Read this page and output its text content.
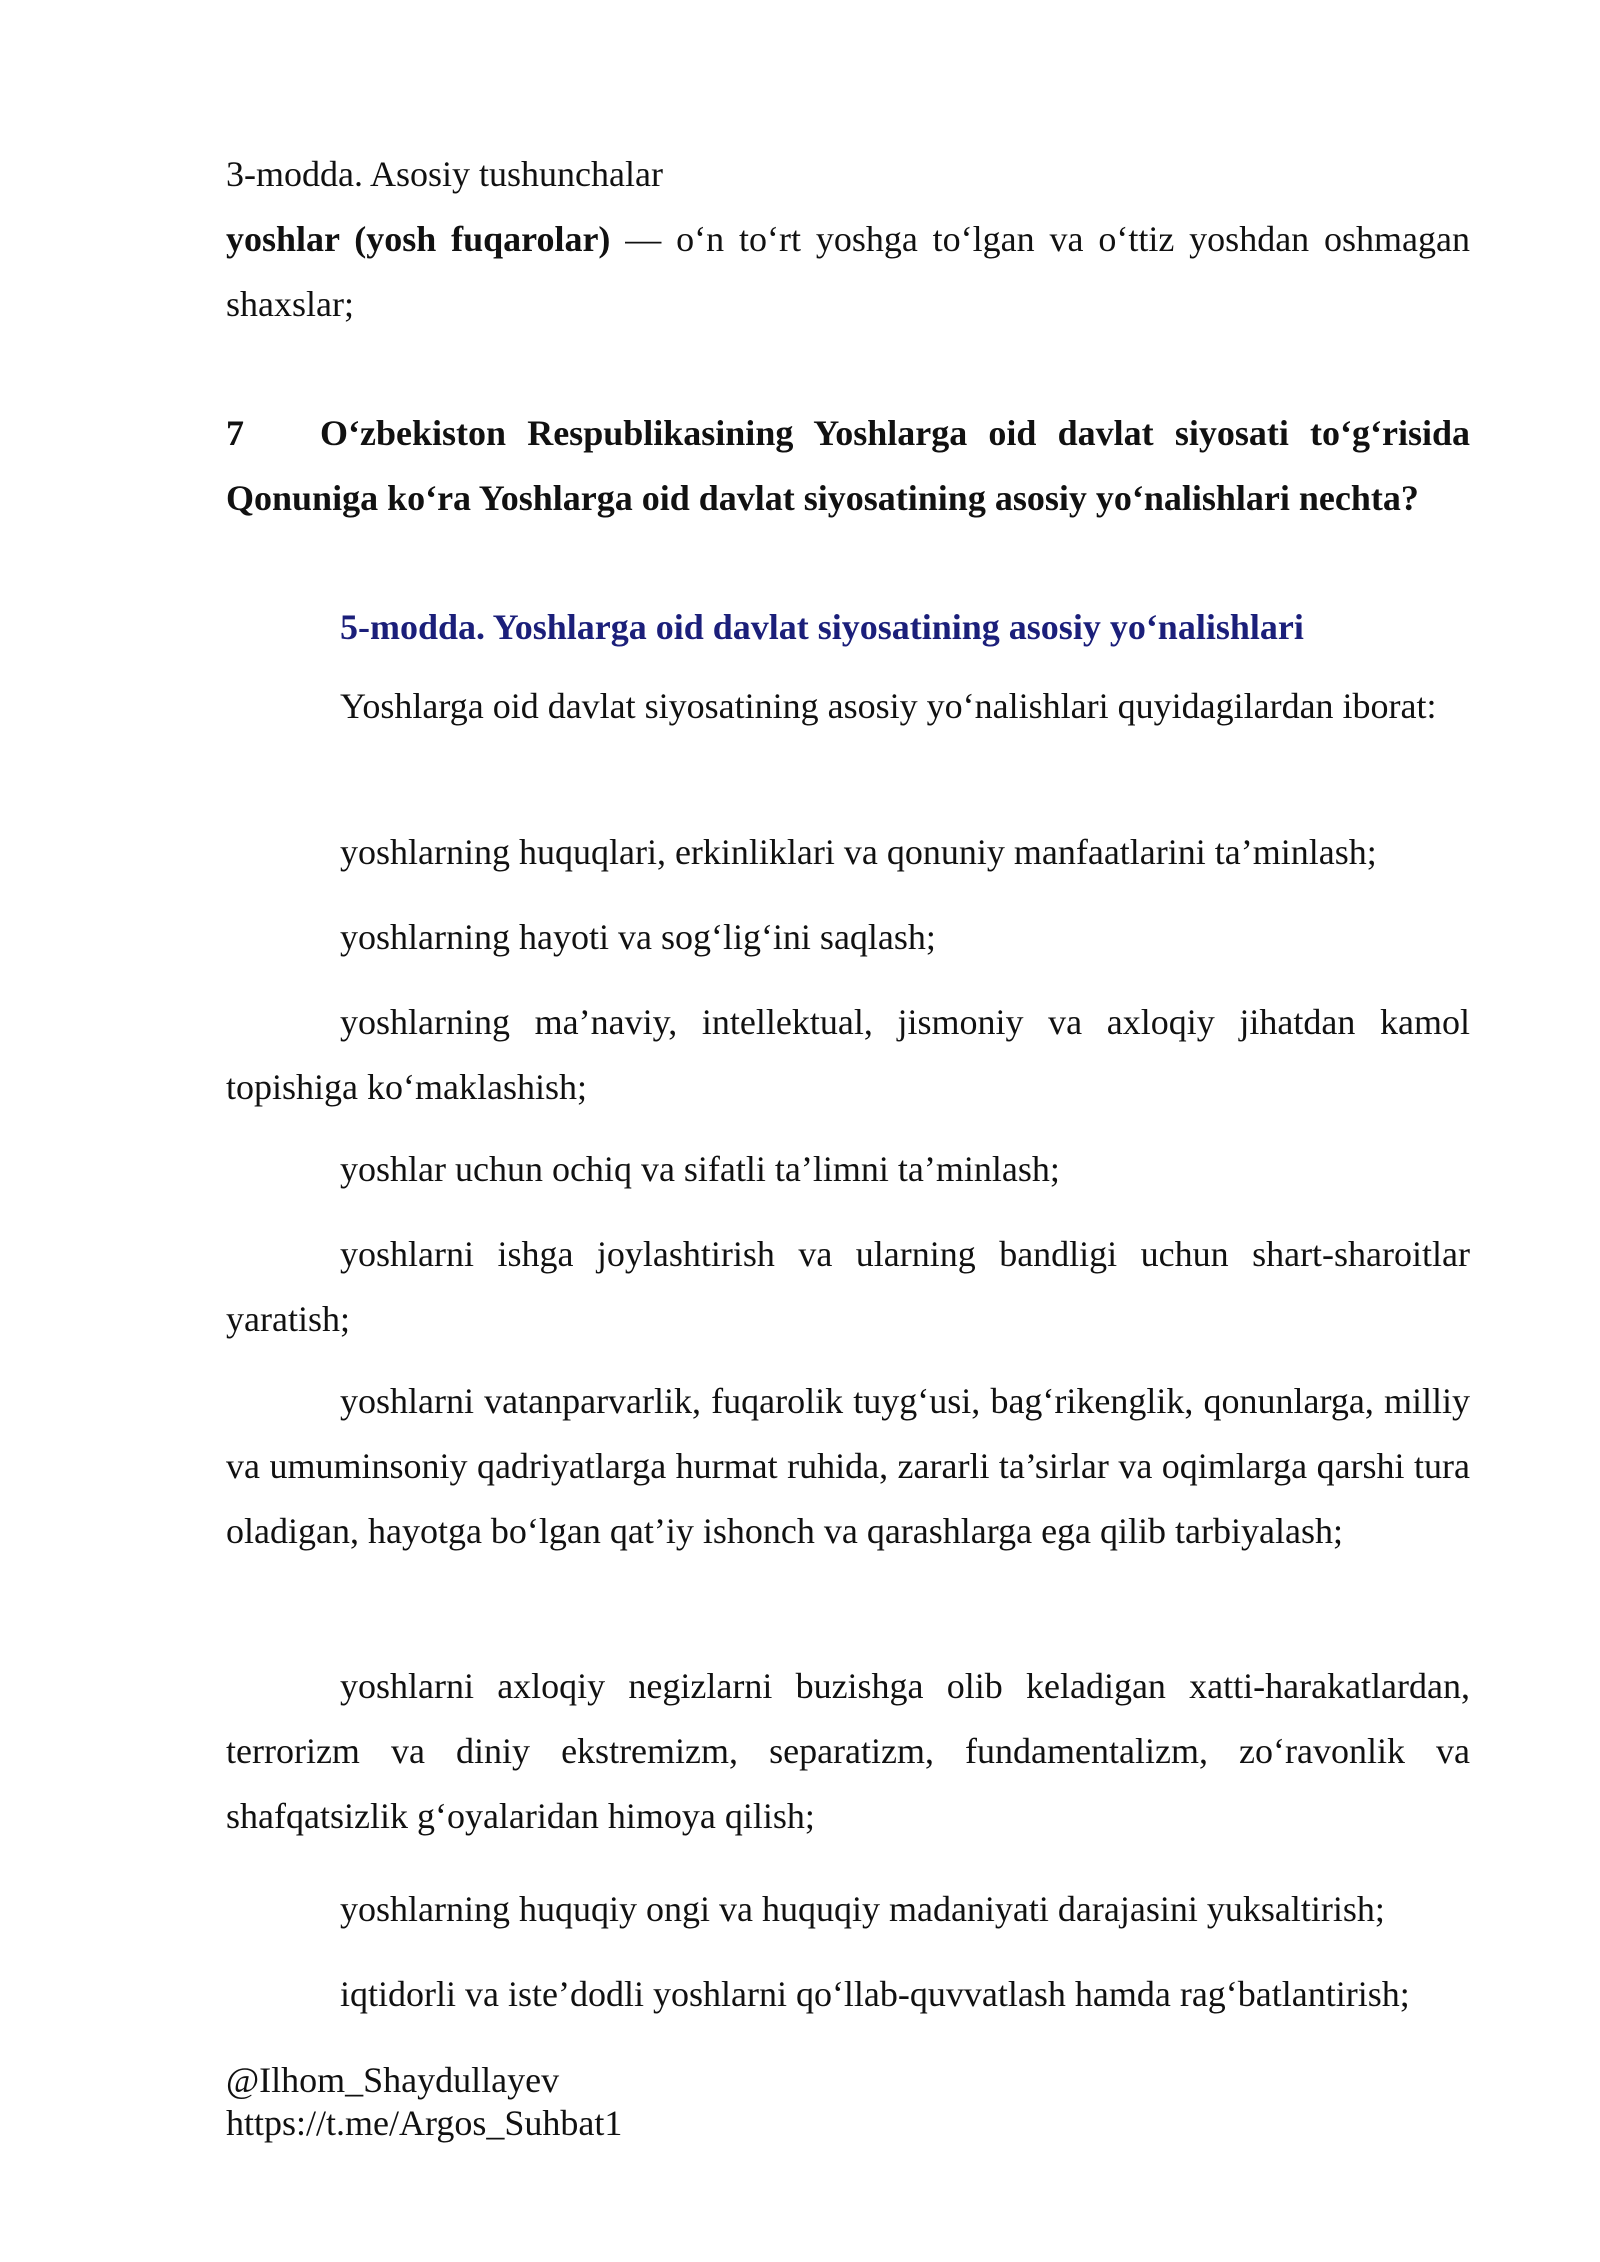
3-modda. Asosiy tushunchalar

yoshlar (yosh fuqarolar) — o‘n to‘rt yoshga to‘lgan va o‘ttiz yoshdan oshmagan shaxslar;

7 O‘zbekiston Respublikasining Yoshlarga oid davlat siyosati to‘g‘risida Qonuniga ko‘ra Yoshlarga oid davlat siyosatining asosiy yo‘nalishlari nechta?

5-modda. Yoshlarga oid davlat siyosatining asosiy yo‘nalishlari

Yoshlarga oid davlat siyosatining asosiy yo‘nalishlari quyidagilardan iborat:

yoshlarning huquqlari, erkinliklari va qonuniy manfaatlarini ta’minlash;

yoshlarning hayoti va sog‘lig‘ini saqlash;

yoshlarning ma’naviy, intellektual, jismoniy va axloqiy jihatdan kamol topishiga ko‘maklashish;

yoshlar uchun ochiq va sifatli ta’limni ta’minlash;

yoshlarni ishga joylashtirish va ularning bandligi uchun shart-sharoitlar yaratish;

yoshlarni vatanparvarlik, fuqarolik tuyg‘usi, bag‘rikenglik, qonunlarga, milliy va umuminsoniy qadriyatlarga hurmat ruhida, zararli ta’sirlar va oqimlarga qarshi tura oladigan, hayotga bo‘lgan qat’iy ishonch va qarashlarga ega qilib tarbiyalash;

yoshlarni axloqiy negizlarni buzishga olib keladigan xatti-harakatlardan, terrorizm va diniy ekstremizm, separatizm, fundamentalizm, zo‘ravonlik va shafqatsizlik g‘oyalaridan himoya qilish;

yoshlarning huquqiy ongi va huquqiy madaniyati darajasini yuksaltirish;

iqtidorli va iste’dodli yoshlarni qo‘llab-quvvatlash hamda rag‘batlantirish;

@Ilhom_Shaydullayev
https://t.me/Argos_Suhbat1
